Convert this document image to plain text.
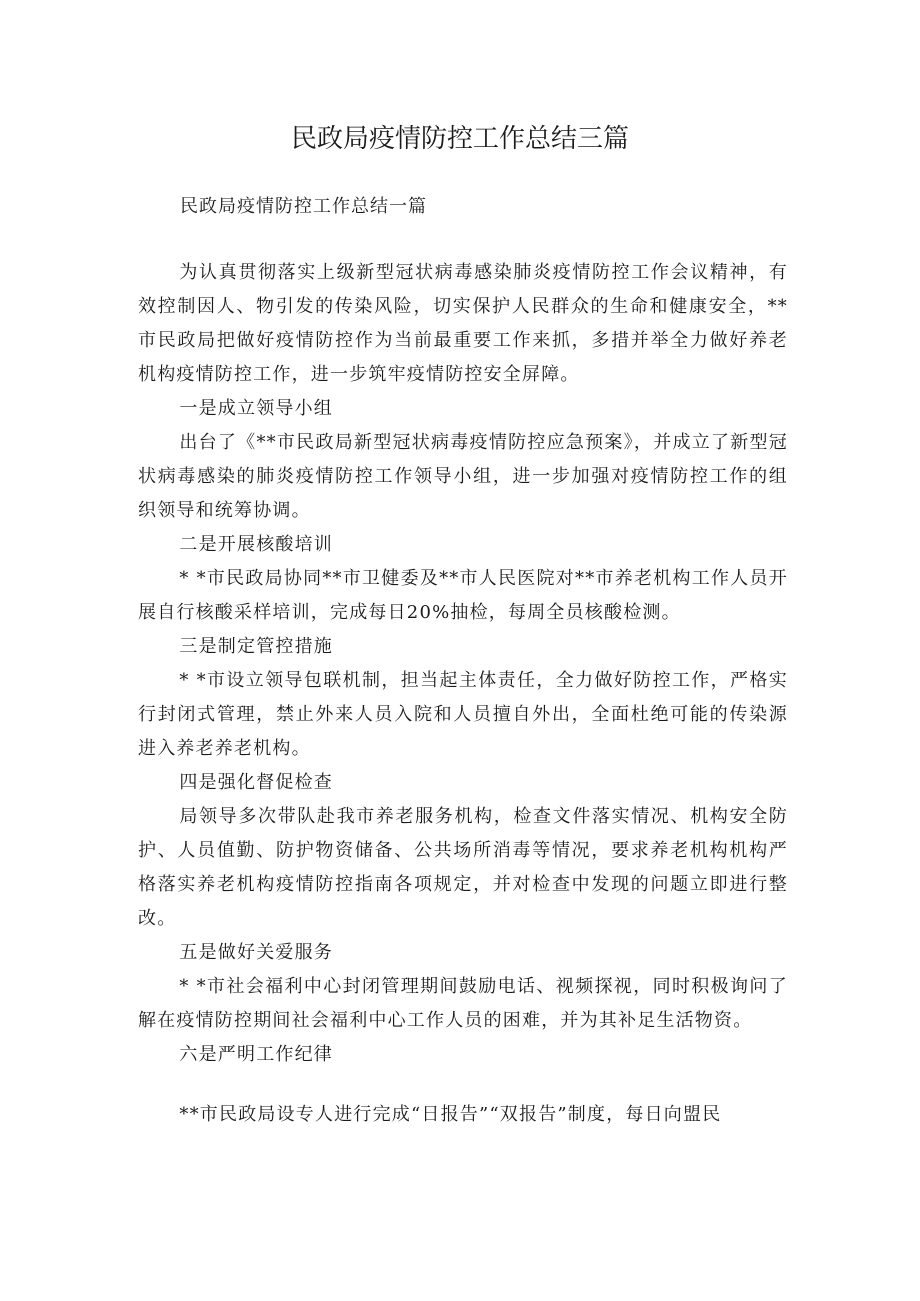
民政局疫情防控工作总结三篇

民政局疫情防控工作总结一篇

为认真贯彻落实上级新型冠状病毒感染肺炎疫情防控工作会议精神，有效控制因人、物引发的传染风险，切实保护人民群众的生命和健康安全，**市民政局把做好疫情防控作为当前最重要工作来抓，多措并举全力做好养老机构疫情防控工作，进一步筑牢疫情防控安全屏障。

一是成立领导小组

出台了《**市民政局新型冠状病毒疫情防控应急预案》，并成立了新型冠状病毒感染的肺炎疫情防控工作领导小组，进一步加强对疫情防控工作的组织领导和统筹协调。

二是开展核酸培训

* *市民政局协同**市卫健委及**市人民医院对**市养老机构工作人员开展自行核酸采样培训，完成每日20%抽检，每周全员核酸检测。

三是制定管控措施

* *市设立领导包联机制，担当起主体责任，全力做好防控工作，严格实行封闭式管理，禁止外来人员入院和人员擅自外出，全面杜绝可能的传染源进入养老养老机构。

四是强化督促检查

局领导多次带队赴我市养老服务机构，检查文件落实情况、机构安全防护、人员值勤、防护物资储备、公共场所消毒等情况，要求养老机构机构严格落实养老机构疫情防控指南各项规定，并对检查中发现的问题立即进行整改。

五是做好关爱服务

* *市社会福利中心封闭管理期间鼓励电话、视频探视，同时积极询问了解在疫情防控期间社会福利中心工作人员的困难，并为其补足生活物资。

六是严明工作纪律

**市民政局设专人进行完成“日报告”“双报告”制度，每日向盟民
